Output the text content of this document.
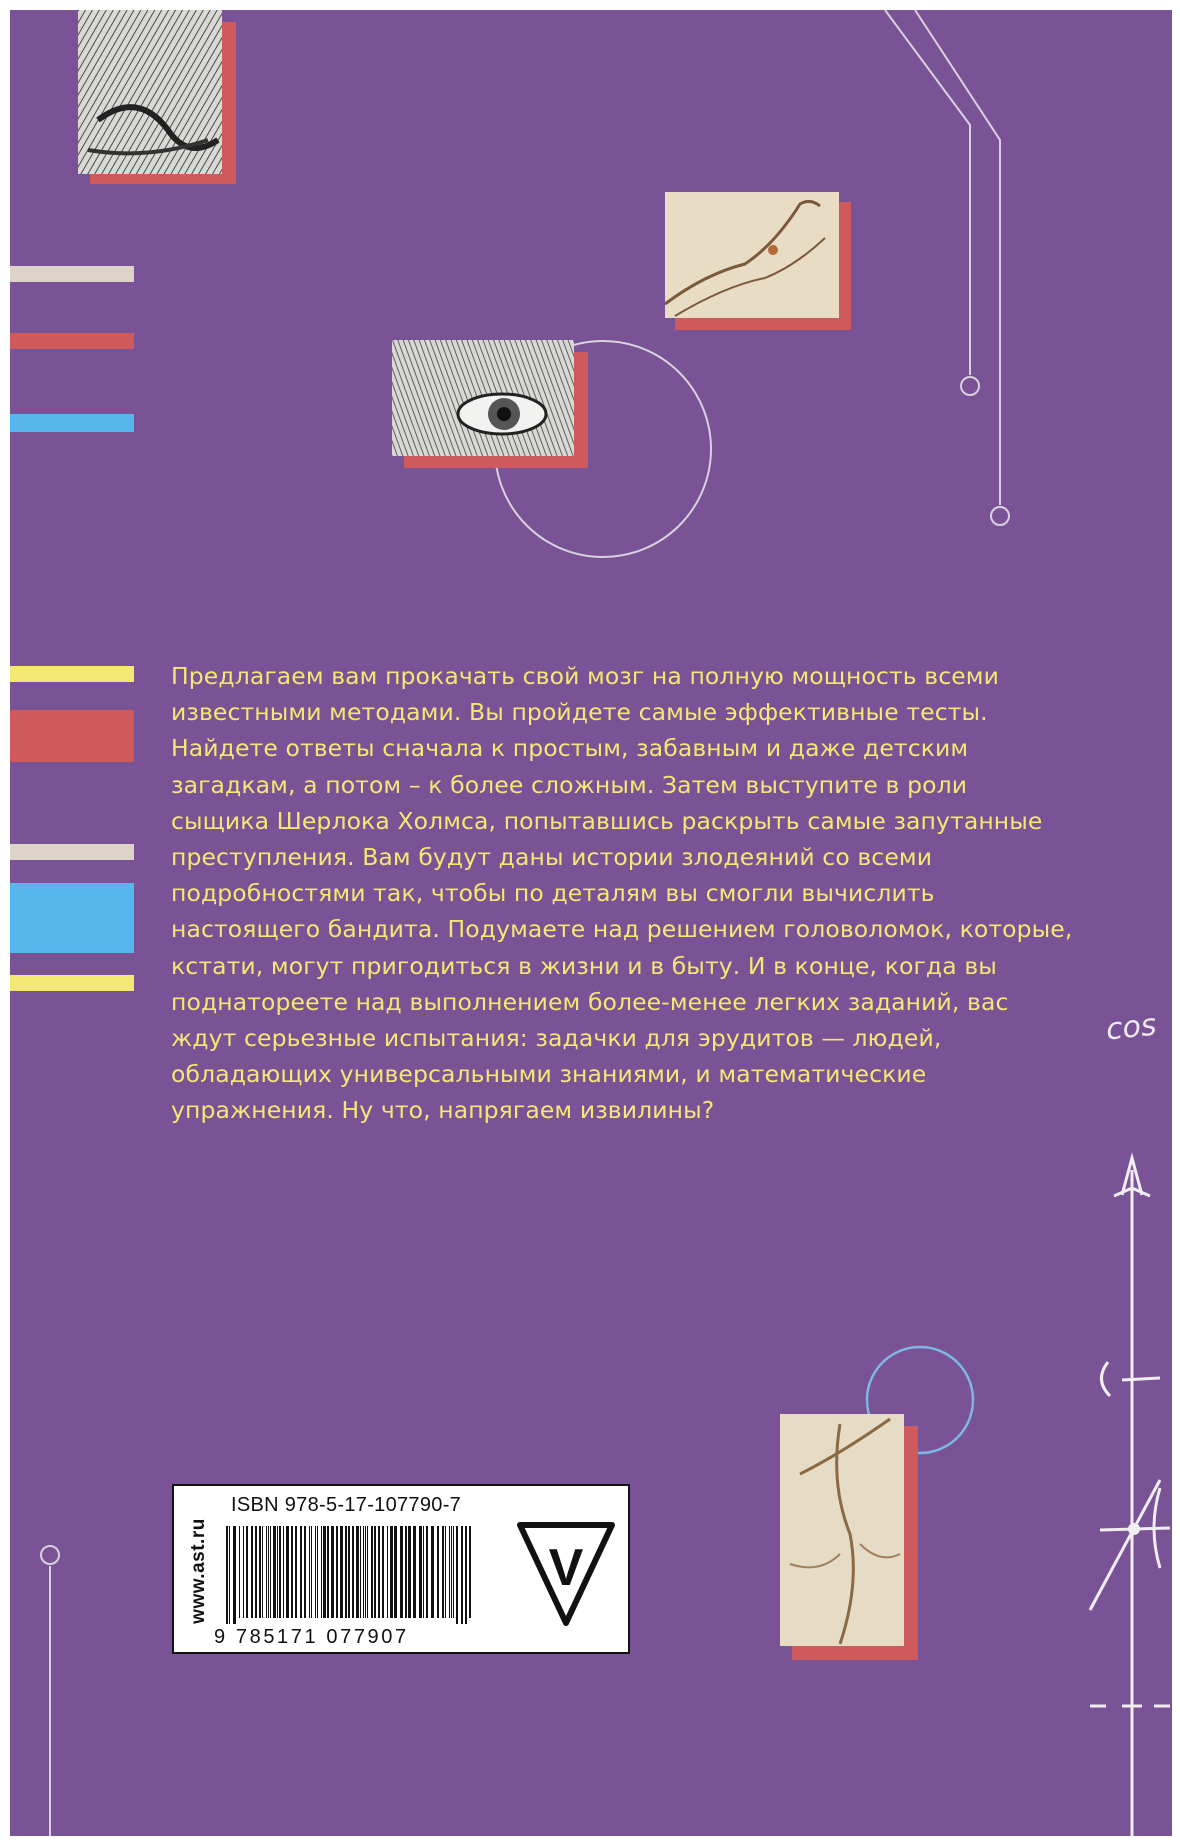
cos
Предлагаем вам прокачать свой мозг на полную мощность всеми
известными методами. Вы пройдете самые эффективные тесты.
Найдете ответы сначала к простым, забавным и даже детским
загадкам, а потом – к более сложным. Затем выступите в роли
сыщика Шерлока Холмса, попытавшись раскрыть самые запутанные
преступления. Вам будут даны истории злодеяний со всеми
подробностями так, чтобы по деталям вы смогли вычислить
настоящего бандита. Подумаете над решением головоломок, которые,
кстати, могут пригодиться в жизни и в быту. И в конце, когда вы
поднатореете над выполнением более-менее легких заданий, вас
ждут серьезные испытания: задачки для эрудитов — людей,
обладающих универсальными знаниями, и математические
упражнения. Ну что, напрягаем извилины?
www.ast.ru
ISBN 978-5-17-107790-7
9 785171 077907
V
